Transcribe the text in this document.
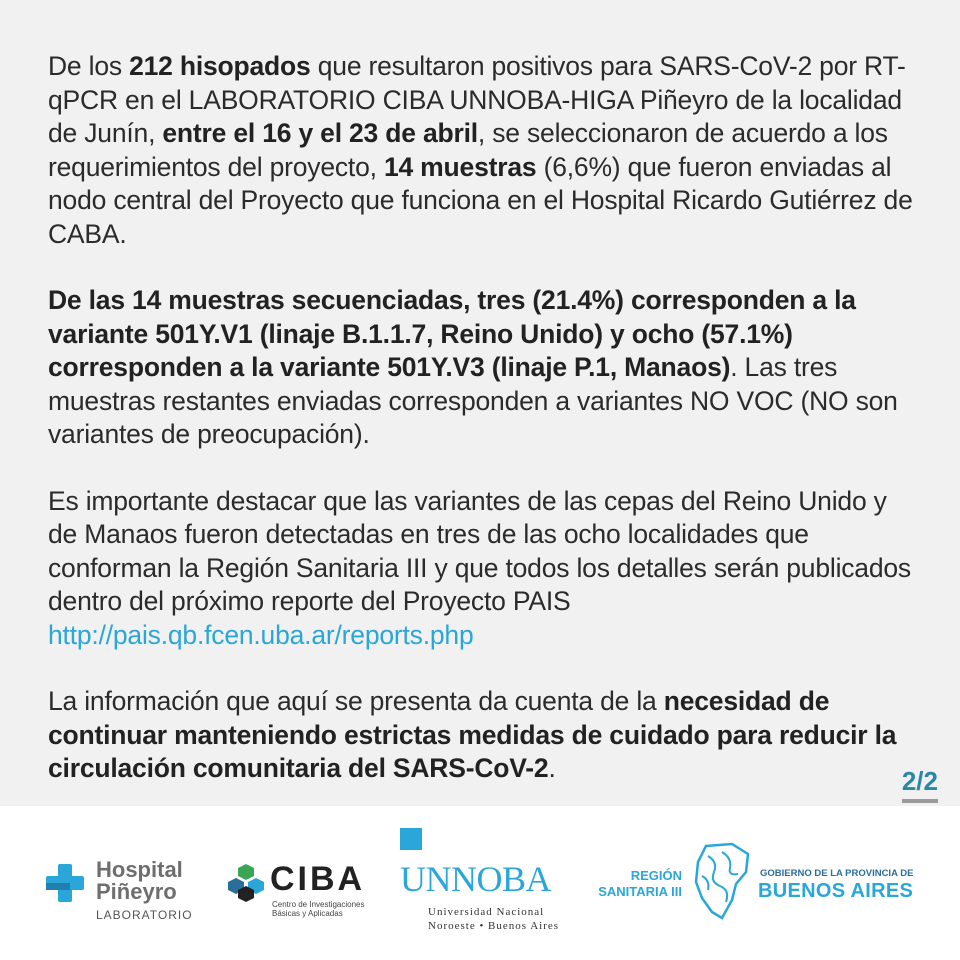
De los 212 hisopados que resultaron positivos para SARS-CoV-2 por RT-qPCR en el LABORATORIO CIBA UNNOBA-HIGA Piñeyro de la localidad de Junín, entre el 16 y el 23 de abril, se seleccionaron de acuerdo a los requerimientos del proyecto, 14 muestras (6,6%) que fueron enviadas al nodo central del Proyecto que funciona en el Hospital Ricardo Gutiérrez de CABA.

De las 14 muestras secuenciadas, tres (21.4%) corresponden a la variante 501Y.V1 (linaje B.1.1.7, Reino Unido) y ocho (57.1%) corresponden a la variante 501Y.V3 (linaje P.1, Manaos). Las tres muestras restantes enviadas corresponden a variantes NO VOC (NO son variantes de preocupación).

Es importante destacar que las variantes de las cepas del Reino Unido y de Manaos fueron detectadas en tres de las ocho localidades que conforman la Región Sanitaria III y que todos los detalles serán publicados dentro del próximo reporte del Proyecto PAIS http://pais.qb.fcen.uba.ar/reports.php

La información que aquí se presenta da cuenta de la necesidad de continuar manteniendo estrictas medidas de cuidado para reducir la circulación comunitaria del SARS-CoV-2.	2/2
Hospital
Piñeyro
LABORATORIO
CIBA
Centro de Investigaciones
Básicas y Aplicadas
UNNOBA
Universidad Nacional
Noroeste • Buenos Aires
REGIÓN
SANITARIA III
GOBIERNO DE LA PROVINCIA DE
BUENOS AIRES
